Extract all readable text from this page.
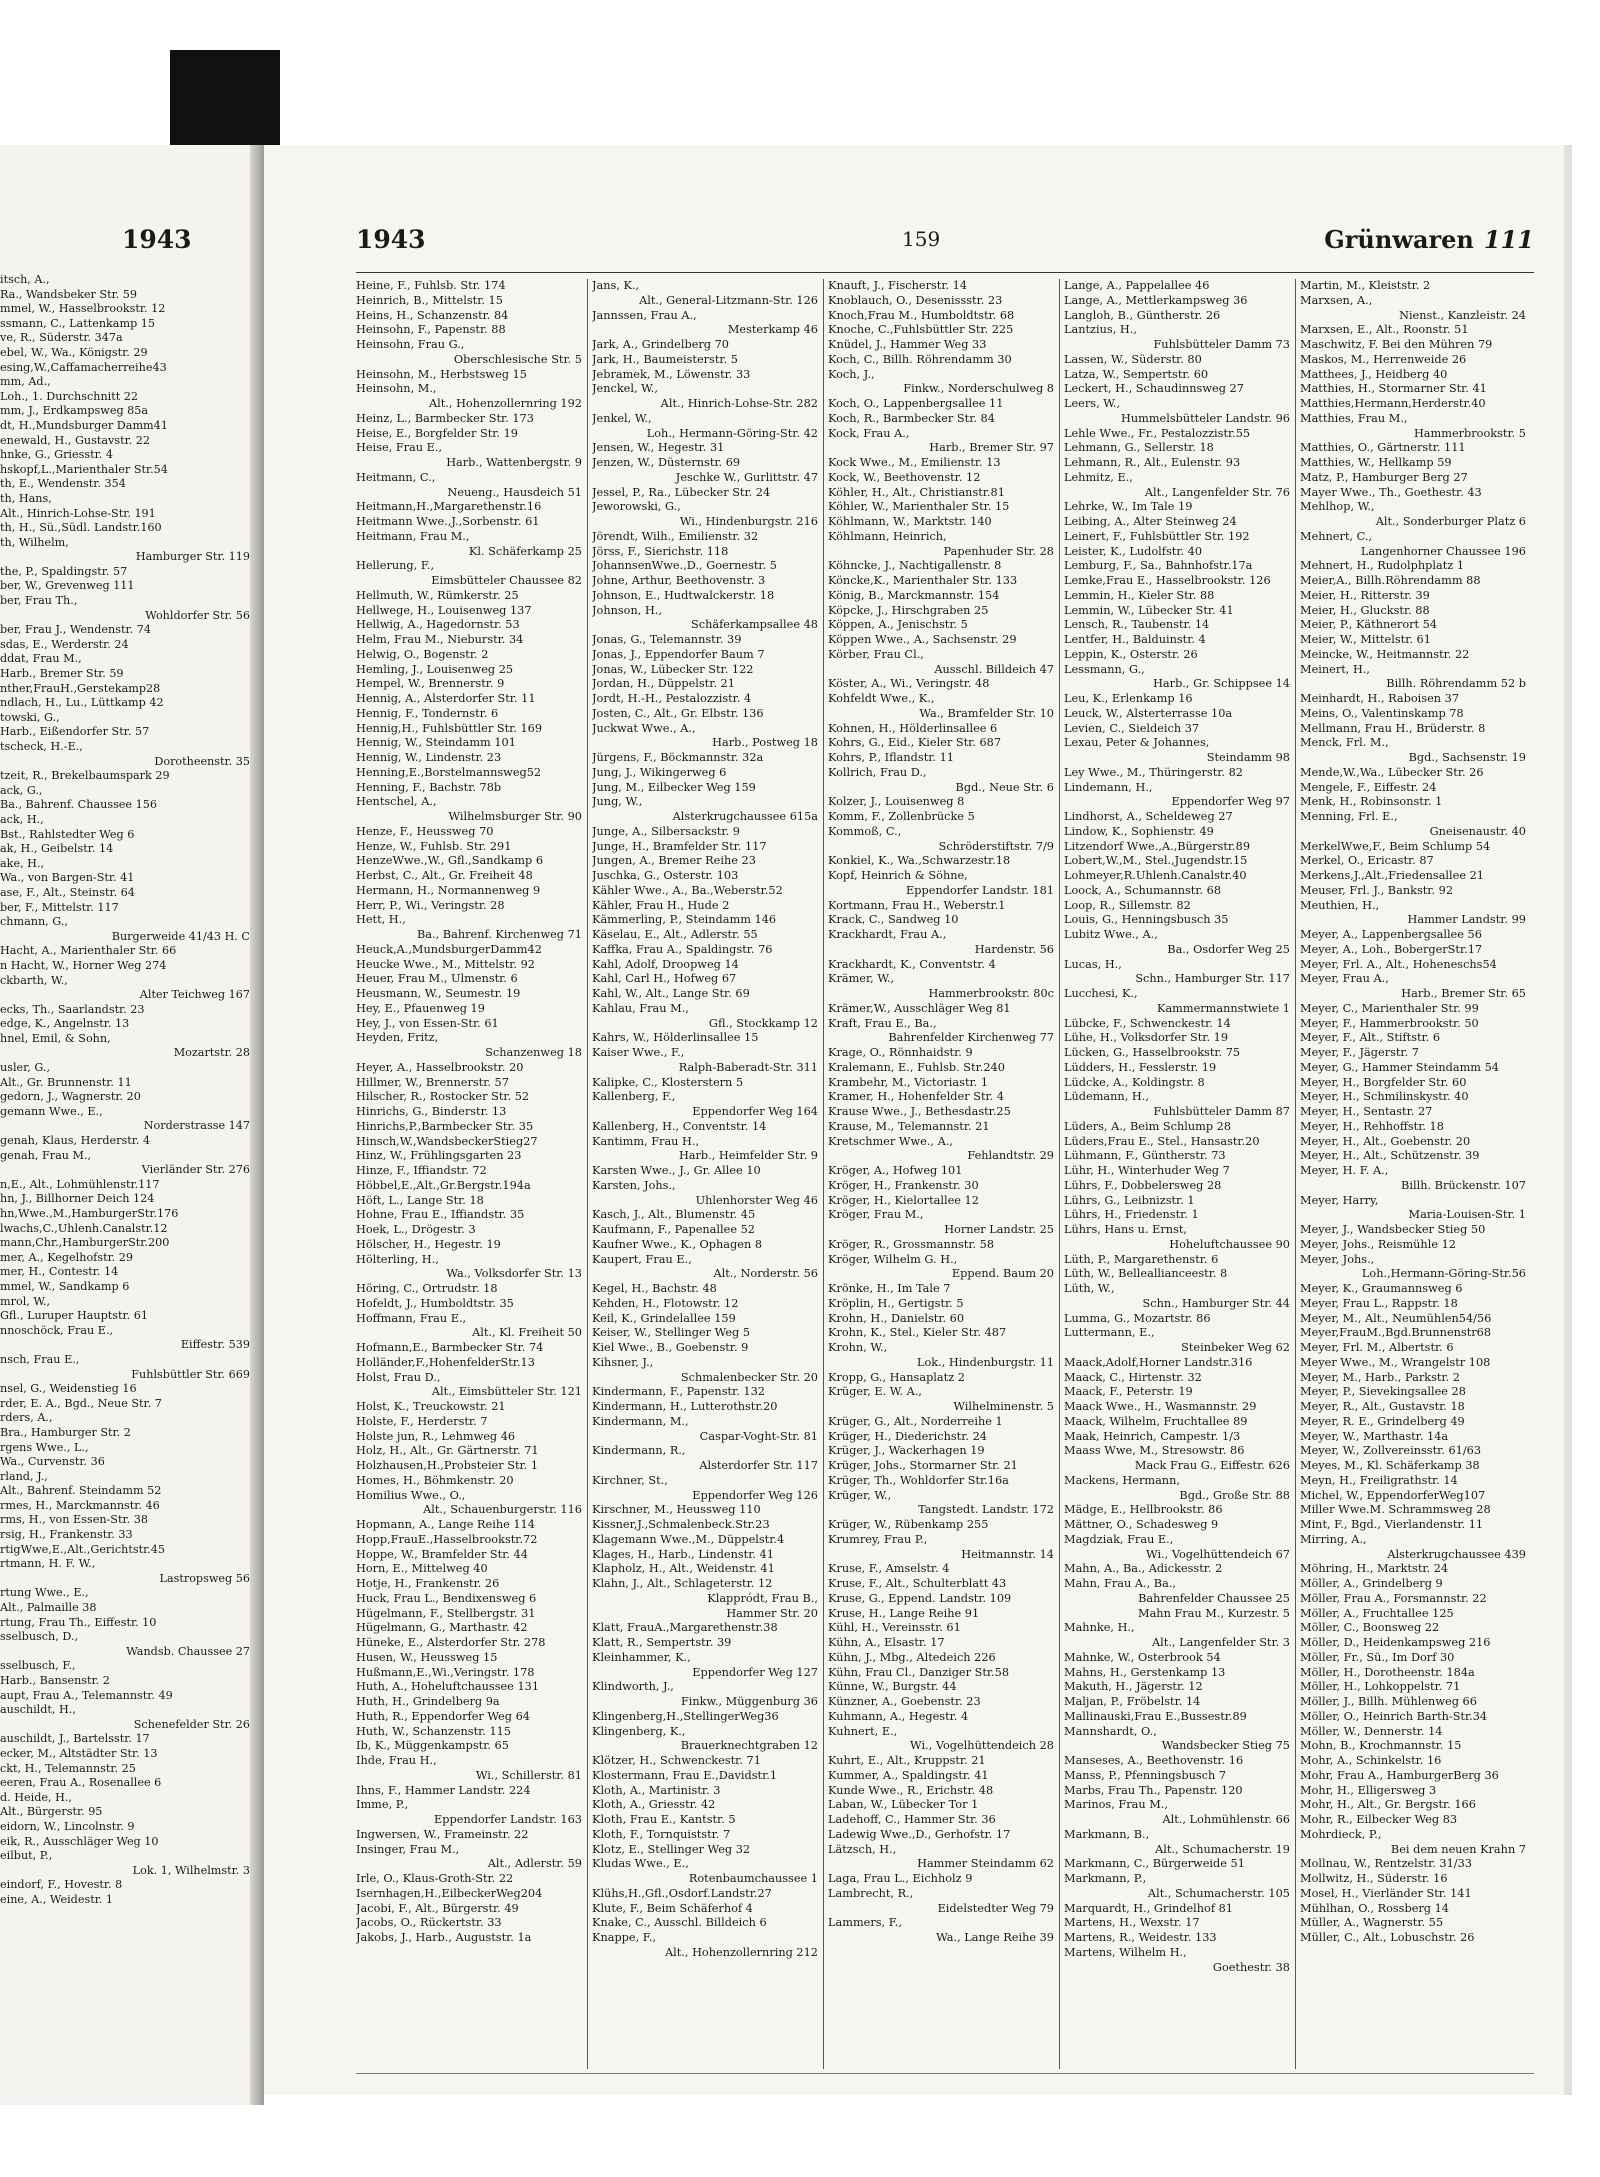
1943
itsch, A.,
Ra., Wandsbeker Str. 59
mmel, W., Hasselbrookstr. 12
ssmann, C., Lattenkamp 15
ve, R., Süderstr. 347a
ebel, W., Wa., Königstr. 29
esing,W.,Caffamacherreihe43
mm, Ad.,
Loh., 1. Durchschnitt 22
mm, J., Erdkampsweg 85a
dt, H.,Mundsburger Damm41
enewald, H., Gustavstr. 22
hnke, G., Griesstr. 4
hskopf,L.,Marienthaler Str.54
th, E., Wendenstr. 354
th, Hans,
Alt., Hinrich-Lohse-Str. 191
th, H., Sü.,Südl. Landstr.160
th, Wilhelm,
Hamburger Str. 119
the, P., Spaldingstr. 57
ber, W., Grevenweg 111
ber, Frau Th.,
Wohldorfer Str. 56
ber, Frau J., Wendenstr. 74
sdas, E., Werderstr. 24
ddat, Frau M.,
Harb., Bremer Str. 59
nther,FrauH.,Gerstekamp28
ndlach, H., Lu., Lüttkamp 42
towski, G.,
Harb., Eißendorfer Str. 57
tscheck, H.-E.,
Dorotheenstr. 35
tzeit, R., Brekelbaumspark 29
ack, G.,
Ba., Bahrenf. Chaussee 156
ack, H.,
Bst., Rahlstedter Weg 6
ak, H., Geibelstr. 14
ake, H.,
Wa., von Bargen-Str. 41
ase, F., Alt., Steinstr. 64
ber, F., Mittelstr. 117
chmann, G.,
Burgerweide 41/43 H. C
Hacht, A., Marienthaler Str. 66
n Hacht, W., Horner Weg 274
ckbarth, W.,
Alter Teichweg 167
ecks, Th., Saarlandstr. 23
edge, K., Angelnstr. 13
hnel, Emil, & Sohn,
Mozartstr. 28
usler, G.,
Alt., Gr. Brunnenstr. 11
gedorn, J., Wagnerstr. 20
gemann Wwe., E.,
Norderstrasse 147
genah, Klaus, Herderstr. 4
genah, Frau M.,
Vierländer Str. 276
n,E., Alt., Lohmühlenstr.117
hn, J., Billhorner Deich 124
hn,Wwe.,M.,HamburgerStr.176
lwachs,C.,Uhlenh.Canalstr.12
mann,Chr.,HamburgerStr.200
mer, A., Kegelhofstr. 29
mer, H., Contestr. 14
mmel, W., Sandkamp 6
mrol, W.,
Gfl., Luruper Hauptstr. 61
nnoschöck, Frau E.,
Eiffestr. 539
nsch, Frau E.,
Fuhlsbüttler Str. 669
nsel, G., Weidenstieg 16
rder, E. A., Bgd., Neue Str. 7
rders, A.,
Bra., Hamburger Str. 2
rgens Wwe., L.,
Wa., Curvenstr. 36
rland, J.,
Alt., Bahrenf. Steindamm 52
rmes, H., Marckmannstr. 46
rms, H., von Essen-Str. 38
rsig, H., Frankenstr. 33
rtigWwe,E.,Alt.,Gerichtstr.45
rtmann, H. F. W.,
Lastropsweg 56
rtung Wwe., E.,
Alt., Palmaille 38
rtung, Frau Th., Eiffestr. 10
sselbusch, D.,
Wandsb. Chaussee 27
sselbusch, F.,
Harb., Bansenstr. 2
aupt, Frau A., Telemannstr. 49
auschildt, H.,
Schenefelder Str. 26
auschildt, J., Bartelsstr. 17
ecker, M., Altstädter Str. 13
ckt, H., Telemannstr. 25
eeren, Frau A., Rosenallee 6
d. Heide, H.,
Alt., Bürgerstr. 95
eidorn, W., Lincolnstr. 9
eik, R., Ausschläger Weg 10
eilbut, P.,
Lok. 1, Wilhelmstr. 3
eindorf, F., Hovestr. 8
eine, A., Weidestr. 1
1943	159	Grünwaren 111
Heine, F., Fuhlsb. Str. 174
Heinrich, B., Mittelstr. 15
Heins, H., Schanzenstr. 84
Heinsohn, F., Papenstr. 88
Heinsohn, Frau G.,
Oberschlesische Str. 5
Heinsohn, M., Herbstsweg 15
Heinsohn, M.,
Alt., Hohenzollernring 192
Heinz, L., Barmbecker Str. 173
Heise, E., Borgfelder Str. 19
Heise, Frau E.,
Harb., Wattenbergstr. 9
Heitmann, C.,
Neueng., Hausdeich 51
Heitmann,H.,Margarethenstr.16
Heitmann Wwe.,J.,Sorbenstr. 61
Heitmann, Frau M.,
Kl. Schäferkamp 25
Hellerung, F.,
Eimsbütteler Chaussee 82
Hellmuth, W., Rümkerstr. 25
Hellwege, H., Louisenweg 137
Hellwig, A., Hagedornstr. 53
Helm, Frau M., Nieburstr. 34
Helwig, O., Bogenstr. 2
Hemling, J., Louisenweg 25
Hempel, W., Brennerstr. 9
Hennig, A., Alsterdorfer Str. 11
Hennig, F., Tondernstr. 6
Hennig,H., Fuhlsbüttler Str. 169
Hennig, W., Steindamm 101
Hennig, W., Lindenstr. 23
Henning,E.,Borstelmannsweg52
Henning, F., Bachstr. 78b
Hentschel, A.,
Wilhelmsburger Str. 90
Henze, F., Heussweg 70
Henze, W., Fuhlsb. Str. 291
HenzeWwe.,W., Gfl.,Sandkamp 6
Herbst, C., Alt., Gr. Freiheit 48
Hermann, H., Normannenweg 9
Herr, P., Wi., Veringstr. 28
Hett, H.,
Ba., Bahrenf. Kirchenweg 71
Heuck,A.,MundsburgerDamm42
Heucke Wwe., M., Mittelstr. 92
Heuer, Frau M., Ulmenstr. 6
Heusmann, W., Seumestr. 19
Hey, E., Pfauenweg 19
Hey, J., von Essen-Str. 61
Heyden, Fritz,
Schanzenweg 18
Heyer, A., Hasselbrookstr. 20
Hillmer, W., Brennerstr. 57
Hilscher, R., Rostocker Str. 52
Hinrichs, G., Binderstr. 13
Hinrichs,P.,Barmbecker Str. 35
Hinsch,W.,WandsbeckerStieg27
Hinz, W., Frühlingsgarten 23
Hinze, F., Iffiandstr. 72
Höbbel,E.,Alt.,Gr.Bergstr.194a
Höft, L., Lange Str. 18
Hohne, Frau E., Iffiandstr. 35
Hoek, L., Drögestr. 3
Hölscher, H., Hegestr. 19
Hölterling, H.,
Wa., Volksdorfer Str. 13
Höring, C., Ortrudstr. 18
Hofeldt, J., Humboldtstr. 35
Hoffmann, Frau E.,
Alt., Kl. Freiheit 50
Hofmann,E., Barmbecker Str. 74
Holländer,F.,HohenfelderStr.13
Holst, Frau D.,
Alt., Eimsbütteler Str. 121
Holst, K., Treuckowstr. 21
Holste, F., Herderstr. 7
Holste jun, R., Lehmweg 46
Holz, H., Alt., Gr. Gärtnerstr. 71
Holzhausen,H.,Probsteier Str. 1
Homes, H., Böhmkenstr. 20
Homilius Wwe., O.,
Alt., Schauenburgerstr. 116
Hopmann, A., Lange Reihe 114
Hopp,FrauE.,Hasselbrookstr.72
Hoppe, W., Bramfelder Str. 44
Horn, E., Mittelweg 40
Hotje, H., Frankenstr. 26
Huck, Frau L., Bendixensweg 6
Hügelmann, F., Stellbergstr. 31
Hügelmann, G., Marthastr. 42
Hüneke, E., Alsterdorfer Str. 278
Husen, W., Heussweg 15
Hußmann,E.,Wi.,Veringstr. 178
Huth, A., Hoheluftchaussee 131
Huth, H., Grindelberg 9a
Huth, R., Eppendorfer Weg 64
Huth, W., Schanzenstr. 115
Ib, K., Müggenkampstr. 65
Ihde, Frau H.,
Wi., Schillerstr. 81
Ihns, F., Hammer Landstr. 224
Imme, P.,
Eppendorfer Landstr. 163
Ingwersen, W., Frameinstr. 22
Insinger, Frau M.,
Alt., Adlerstr. 59
Irle, O., Klaus-Groth-Str. 22
Isernhagen,H.,EilbeckerWeg204
Jacobi, F., Alt., Bürgerstr. 49
Jacobs, O., Rückertstr. 33
Jakobs, J., Harb., Auguststr. 1a
Jans, K.,
Alt., General-Litzmann-Str. 126
Jannssen, Frau A.,
Mesterkamp 46
Jark, A., Grindelberg 70
Jark, H., Baumeisterstr. 5
Jebramek, M., Löwenstr. 33
Jenckel, W.,
Alt., Hinrich-Lohse-Str. 282
Jenkel, W.,
Loh., Hermann-Göring-Str. 42
Jensen, W., Hegestr. 31
Jenzen, W., Düsternstr. 69
Jeschke W., Gurlittstr. 47
Jessel, P., Ra., Lübecker Str. 24
Jeworowski, G.,
Wi., Hindenburgstr. 216
Jörendt, Wilh., Emilienstr. 32
Jörss, F., Sierichstr. 118
JohannsenWwe.,D., Goernestr. 5
Johne, Arthur, Beethovenstr. 3
Johnson, E., Hudtwalckerstr. 18
Johnson, H.,
Schäferkampsallee 48
Jonas, G., Telemannstr. 39
Jonas, J., Eppendorfer Baum 7
Jonas, W., Lübecker Str. 122
Jordan, H., Düppelstr. 21
Jordt, H.-H., Pestalozzistr. 4
Josten, C., Alt., Gr. Elbstr. 136
Juckwat Wwe., A.,
Harb., Postweg 18
Jürgens, F., Böckmannstr. 32a
Jung, J., Wikingerweg 6
Jung, M., Eilbecker Weg 159
Jung, W.,
Alsterkrugchaussee 615a
Junge, A., Silbersackstr. 9
Junge, H., Bramfelder Str. 117
Jungen, A., Bremer Reihe 23
Juschka, G., Osterstr. 103
Kähler Wwe., A., Ba.,Weberstr.52
Kähler, Frau H., Hude 2
Kämmerling, P., Steindamm 146
Käselau, E., Alt., Adlerstr. 55
Kaffka, Frau A., Spaldingstr. 76
Kahl, Adolf, Droopweg 14
Kahl, Carl H., Hofweg 67
Kahl, W., Alt., Lange Str. 69
Kahlau, Frau M.,
Gfl., Stockkamp 12
Kahrs, W., Hölderlinsallee 15
Kaiser Wwe., F.,
Ralph-Baberadt-Str. 311
Kalipke, C., Klosterstern 5
Kallenberg, F.,
Eppendorfer Weg 164
Kallenberg, H., Conventstr. 14
Kantimm, Frau H.,
Harb., Heimfelder Str. 9
Karsten Wwe., J., Gr. Allee 10
Karsten, Johs.,
Uhlenhorster Weg 46
Kasch, J., Alt., Blumenstr. 45
Kaufmann, F., Papenallee 52
Kaufner Wwe., K., Ophagen 8
Kaupert, Frau E.,
Alt., Norderstr. 56
Kegel, H., Bachstr. 48
Kehden, H., Flotowstr. 12
Keil, K., Grindelallee 159
Keiser, W., Stellinger Weg 5
Kiel Wwe., B., Goebenstr. 9
Kihsner, J.,
Schmalenbecker Str. 20
Kindermann, F., Papenstr. 132
Kindermann, H., Lutterothstr.20
Kindermann, M.,
Caspar-Voght-Str. 81
Kindermann, R.,
Alsterdorfer Str. 117
Kirchner, St.,
Eppendorfer Weg 126
Kirschner, M., Heussweg 110
Kissner,J.,Schmalenbeck.Str.23
Klagemann Wwe.,M., Düppelstr.4
Klages, H., Harb., Lindenstr. 41
Klapholz, H., Alt., Weidenstr. 41
Klahn, J., Alt., Schlageterstr. 12
Klappródt, Frau B.,
Hammer Str. 20
Klatt, FrauA.,Margarethenstr.38
Klatt, R., Sempertstr. 39
Kleinhammer, K.,
Eppendorfer Weg 127
Klindworth, J.,
Finkw., Müggenburg 36
Klingenberg,H.,StellingerWeg36
Klingenberg, K.,
Brauerknechtgraben 12
Klötzer, H., Schwenckestr. 71
Klostermann, Frau E.,Davidstr.1
Kloth, A., Martinistr. 3
Kloth, A., Griesstr. 42
Kloth, Frau E., Kantstr. 5
Kloth, F., Tornquiststr. 7
Klotz, E., Stellinger Weg 32
Kludas Wwe., E.,
Rotenbaumchaussee 1
Klühs,H.,Gfl.,Osdorf.Landstr.27
Klute, F., Beim Schäferhof 4
Knake, C., Ausschl. Billdeich 6
Knappe, F.,
Alt., Hohenzollernring 212
Knauft, J., Fischerstr. 14
Knoblauch, O., Desenissstr. 23
Knoch,Frau M., Humboldtstr. 68
Knoche, C.,Fuhlsbüttler Str. 225
Knüdel, J., Hammer Weg 33
Koch, C., Billh. Röhrendamm 30
Koch, J.,
Finkw., Norderschulweg 8
Koch, O., Lappenbergsallee 11
Koch, R., Barmbecker Str. 84
Kock, Frau A.,
Harb., Bremer Str. 97
Kock Wwe., M., Emilienstr. 13
Kock, W., Beethovenstr. 12
Köhler, H., Alt., Christianstr.81
Köhler, W., Marienthaler Str. 15
Köhlmann, W., Marktstr. 140
Köhlmann, Heinrich,
Papenhuder Str. 28
Köhncke, J., Nachtigallenstr. 8
Köncke,K., Marienthaler Str. 133
König, B., Marckmannstr. 154
Köpcke, J., Hirschgraben 25
Köppen, A., Jenischstr. 5
Köppen Wwe., A., Sachsenstr. 29
Körber, Frau Cl.,
Ausschl. Billdeich 47
Köster, A., Wi., Veringstr. 48
Kohfeldt Wwe., K.,
Wa., Bramfelder Str. 10
Kohnen, H., Hölderlinsallee 6
Kohrs, G., Eid., Kieler Str. 687
Kohrs, P., Iflandstr. 11
Kollrich, Frau D.,
Bgd., Neue Str. 6
Kolzer, J., Louisenweg 8
Komm, F., Zollenbrücke 5
Kommoß, C.,
Schröderstiftstr. 7/9
Konkiel, K., Wa.,Schwarzestr.18
Kopf, Heinrich & Söhne,
Eppendorfer Landstr. 181
Kortmann, Frau H., Weberstr.1
Krack, C., Sandweg 10
Krackhardt, Frau A.,
Hardenstr. 56
Krackhardt, K., Conventstr. 4
Krämer, W.,
Hammerbrookstr. 80c
Krämer,W., Ausschläger Weg 81
Kraft, Frau E., Ba.,
Bahrenfelder Kirchenweg 77
Krage, O., Rönnhaidstr. 9
Kralemann, E., Fuhlsb. Str.240
Krambehr, M., Victoriastr. 1
Kramer, H., Hohenfelder Str. 4
Krause Wwe., J., Bethesdastr.25
Krause, M., Telemannstr. 21
Kretschmer Wwe., A.,
Fehlandtstr. 29
Kröger, A., Hofweg 101
Kröger, H., Frankenstr. 30
Kröger, H., Kielortallee 12
Kröger, Frau M.,
Horner Landstr. 25
Kröger, R., Grossmannstr. 58
Kröger, Wilhelm G. H.,
Eppend. Baum 20
Krönke, H., Im Tale 7
Kröplin, H., Gertigstr. 5
Krohn, H., Danielstr. 60
Krohn, K., Stel., Kieler Str. 487
Krohn, W.,
Lok., Hindenburgstr. 11
Kropp, G., Hansaplatz 2
Krüger, E. W. A.,
Wilhelminenstr. 5
Krüger, G., Alt., Norderreihe 1
Krüger, H., Diederichstr. 24
Krüger, J., Wackerhagen 19
Krüger, Johs., Stormarner Str. 21
Krüger, Th., Wohldorfer Str.16a
Krüger, W.,
Tangstedt. Landstr. 172
Krüger, W., Rübenkamp 255
Krumrey, Frau P.,
Heitmannstr. 14
Kruse, F., Amselstr. 4
Kruse, F., Alt., Schulterblatt 43
Kruse, G., Eppend. Landstr. 109
Kruse, H., Lange Reihe 91
Kühl, H., Vereinsstr. 61
Kühn, A., Elsastr. 17
Kühn, J., Mbg., Altedeich 226
Kühn, Frau Cl., Danziger Str.58
Künne, W., Burgstr. 44
Künzner, A., Goebenstr. 23
Kuhmann, A., Hegestr. 4
Kuhnert, E.,
Wi., Vogelhüttendeich 28
Kuhrt, E., Alt., Kruppstr. 21
Kummer, A., Spaldingstr. 41
Kunde Wwe., R., Erichstr. 48
Laban, W., Lübecker Tor 1
Ladehoff, C., Hammer Str. 36
Ladewig Wwe.,D., Gerhofstr. 17
Lätzsch, H.,
Hammer Steindamm 62
Laga, Frau L., Eichholz 9
Lambrecht, R.,
Eidelstedter Weg 79
Lammers, F.,
Wa., Lange Reihe 39
Lange, A., Pappelallee 46
Lange, A., Mettlerkampsweg 36
Langloh, B., Güntherstr. 26
Lantzius, H.,
Fuhlsbütteler Damm 73
Lassen, W., Süderstr. 80
Latza, W., Sempertstr. 60
Leckert, H., Schaudinnsweg 27
Leers, W.,
Hummelsbütteler Landstr. 96
Lehle Wwe., Fr., Pestalozzistr.55
Lehmann, G., Sellerstr. 18
Lehmann, R., Alt., Eulenstr. 93
Lehmitz, E.,
Alt., Langenfelder Str. 76
Lehrke, W., Im Tale 19
Leibing, A., Alter Steinweg 24
Leinert, F., Fuhlsbüttler Str. 192
Leister, K., Ludolfstr. 40
Lemburg, F., Sa., Bahnhofstr.17a
Lemke,Frau E., Hasselbrookstr. 126
Lemmin, H., Kieler Str. 88
Lemmin, W., Lübecker Str. 41
Lensch, R., Taubenstr. 14
Lentfer, H., Balduinstr. 4
Leppin, K., Osterstr. 26
Lessmann, G.,
Harb., Gr. Schippsee 14
Leu, K., Erlenkamp 16
Leuck, W., Alsterterrasse 10a
Levien, C., Sieldeich 37
Lexau, Peter & Johannes,
Steindamm 98
Ley Wwe., M., Thüringerstr. 82
Lindemann, H.,
Eppendorfer Weg 97
Lindhorst, A., Scheldeweg 27
Lindow, K., Sophienstr. 49
Litzendorf Wwe.,A.,Bürgerstr.89
Lobert,W.,M., Stel.,Jugendstr.15
Lohmeyer,R.Uhlenh.Canalstr.40
Loock, A., Schumannstr. 68
Loop, R., Sillemstr. 82
Louis, G., Henningsbusch 35
Lubitz Wwe., A.,
Ba., Osdorfer Weg 25
Lucas, H.,
Schn., Hamburger Str. 117
Lucchesi, K.,
Kammermannstwiete 1
Lübcke, F., Schwenckestr. 14
Lühe, H., Volksdorfer Str. 19
Lücken, G., Hasselbrookstr. 75
Lüdders, H., Fesslerstr. 19
Lüdcke, A., Koldingstr. 8
Lüdemann, H.,
Fuhlsbütteler Damm 87
Lüders, A., Beim Schlump 28
Lüders,Frau E., Stel., Hansastr.20
Lühmann, F., Güntherstr. 73
Lühr, H., Winterhuder Weg 7
Lührs, F., Dobbelersweg 28
Lührs, G., Leibnizstr. 1
Lührs, H., Friedenstr. 1
Lührs, Hans u. Ernst,
Hoheluftchaussee 90
Lüth, P., Margarethenstr. 6
Lüth, W., Belleallianceestr. 8
Lüth, W.,
Schn., Hamburger Str. 44
Lumma, G., Mozartstr. 86
Luttermann, E.,
Steinbeker Weg 62
Maack,Adolf,Horner Landstr.316
Maack, C., Hirtenstr. 32
Maack, F., Peterstr. 19
Maack Wwe., H., Wasmannstr. 29
Maack, Wilhelm, Fruchtallee 89
Maak, Heinrich, Campestr. 1/3
Maass Wwe, M., Stresowstr. 86
Mack Frau G., Eiffestr. 626
Mackens, Hermann,
Bgd., Große Str. 88
Mädge, E., Hellbrookstr. 86
Mättner, O., Schadesweg 9
Magdziak, Frau E.,
Wi., Vogelhüttendeich 67
Mahn, A., Ba., Adickesstr. 2
Mahn, Frau A., Ba.,
Bahrenfelder Chaussee 25
Mahn Frau M., Kurzestr. 5
Mahnke, H.,
Alt., Langenfelder Str. 3
Mahnke, W., Osterbrook 54
Mahns, H., Gerstenkamp 13
Makuth, H., Jägerstr. 12
Maljan, P., Fröbelstr. 14
Mallinauski,Frau E.,Bussestr.89
Mannshardt, O.,
Wandsbecker Stieg 75
Manseses, A., Beethovenstr. 16
Manss, P., Pfenningsbusch 7
Marbs, Frau Th., Papenstr. 120
Marinos, Frau M.,
Alt., Lohmühlenstr. 66
Markmann, B.,
Alt., Schumacherstr. 19
Markmann, C., Bürgerweide 51
Markmann, P.,
Alt., Schumacherstr. 105
Marquardt, H., Grindelhof 81
Martens, H., Wexstr. 17
Martens, R., Weidestr. 133
Martens, Wilhelm H.,
Goethestr. 38
Martin, M., Kleiststr. 2
Marxsen, A.,
Nienst., Kanzleistr. 24
Marxsen, E., Alt., Roonstr. 51
Maschwitz, F. Bei den Mühren 79
Maskos, M., Herrenweide 26
Matthees, J., Heidberg 40
Matthies, H., Stormarner Str. 41
Matthies,Hermann,Herderstr.40
Matthies, Frau M.,
Hammerbrookstr. 5
Matthies, O., Gärtnerstr. 111
Matthies, W., Hellkamp 59
Matz, P., Hamburger Berg 27
Mayer Wwe., Th., Goethestr. 43
Mehlhop, W.,
Alt., Sonderburger Platz 6
Mehnert, C.,
Langenhorner Chaussee 196
Mehnert, H., Rudolphplatz 1
Meier,A., Billh.Röhrendamm 88
Meier, H., Ritterstr. 39
Meier, H., Gluckstr. 88
Meier, P., Käthnerort 54
Meier, W., Mittelstr. 61
Meincke, W., Heitmannstr. 22
Meinert, H.,
Billh. Röhrendamm 52 b
Meinhardt, H., Raboisen 37
Meins, O., Valentinskamp 78
Mellmann, Frau H., Brüderstr. 8
Menck, Frl. M.,
Bgd., Sachsenstr. 19
Mende,W.,Wa., Lübecker Str. 26
Mengele, F., Eiffestr. 24
Menk, H., Robinsonstr. 1
Menning, Frl. E.,
Gneisenaustr. 40
MerkelWwe,F., Beim Schlump 54
Merkel, O., Ericastr. 87
Merkens,J.,Alt.,Friedensallee 21
Meuser, Frl. J., Bankstr. 92
Meuthien, H.,
Hammer Landstr. 99
Meyer, A., Lappenbergsallee 56
Meyer, A., Loh., BobergerStr.17
Meyer, Frl. A., Alt., Hoheneschs54
Meyer, Frau A.,
Harb., Bremer Str. 65
Meyer, C., Marienthaler Str. 99
Meyer, F., Hammerbrookstr. 50
Meyer, F., Alt., Stiftstr. 6
Meyer, F., Jägerstr. 7
Meyer, G., Hammer Steindamm 54
Meyer, H., Borgfelder Str. 60
Meyer, H., Schmilinskystr. 40
Meyer, H., Sentastr. 27
Meyer, H., Rehhoffstr. 18
Meyer, H., Alt., Goebenstr. 20
Meyer, H., Alt., Schützenstr. 39
Meyer, H. F. A.,
Billh. Brückenstr. 107
Meyer, Harry,
Maria-Louisen-Str. 1
Meyer, J., Wandsbecker Stieg 50
Meyer, Johs., Reismühle 12
Meyer, Johs.,
Loh.,Hermann-Göring-Str.56
Meyer, K., Graumannsweg 6
Meyer, Frau L., Rappstr. 18
Meyer, M., Alt., Neumühlen54/56
Meyer,FrauM.,Bgd.Brunnenstr68
Meyer, Frl. M., Albertstr. 6
Meyer Wwe., M., Wrangelstr 108
Meyer, M., Harb., Parkstr. 2
Meyer, P., Sievekingsallee 28
Meyer, R., Alt., Gustavstr. 18
Meyer, R. E., Grindelberg 49
Meyer, W., Marthastr. 14a
Meyer, W., Zollvereinsstr. 61/63
Meyes, M., Kl. Schäferkamp 38
Meyn, H., Freiligrathstr. 14
Michel, W., EppendorferWeg107
Miller Wwe.M. Schrammsweg 28
Mint, F., Bgd., Vierlandenstr. 11
Mirring, A.,
Alsterkrugchaussee 439
Möhring, H., Marktstr. 24
Möller, A., Grindelberg 9
Möller, Frau A., Forsmannstr. 22
Möller, A., Fruchtallee 125
Möller, C., Boonsweg 22
Möller, D., Heidenkampsweg 216
Möller, Fr., Sü., Im Dorf 30
Möller, H., Dorotheenstr. 184a
Möller, H., Lohkoppelstr. 71
Möller, J., Billh. Mühlenweg 66
Möller, O., Heinrich Barth-Str.34
Möller, W., Dennerstr. 14
Mohn, B., Krochmannstr. 15
Mohr, A., Schinkelstr. 16
Mohr, Frau A., HamburgerBerg 36
Mohr, H., Elligersweg 3
Mohr, H., Alt., Gr. Bergstr. 166
Mohr, R., Eilbecker Weg 83
Mohrdieck, P.,
Bei dem neuen Krahn 7
Mollnau, W., Rentzelstr. 31/33
Mollwitz, H., Süderstr. 16
Mosel, H., Vierländer Str. 141
Mühlhan, O., Rossberg 14
Müller, A., Wagnerstr. 55
Müller, C., Alt., Lobuschstr. 26
